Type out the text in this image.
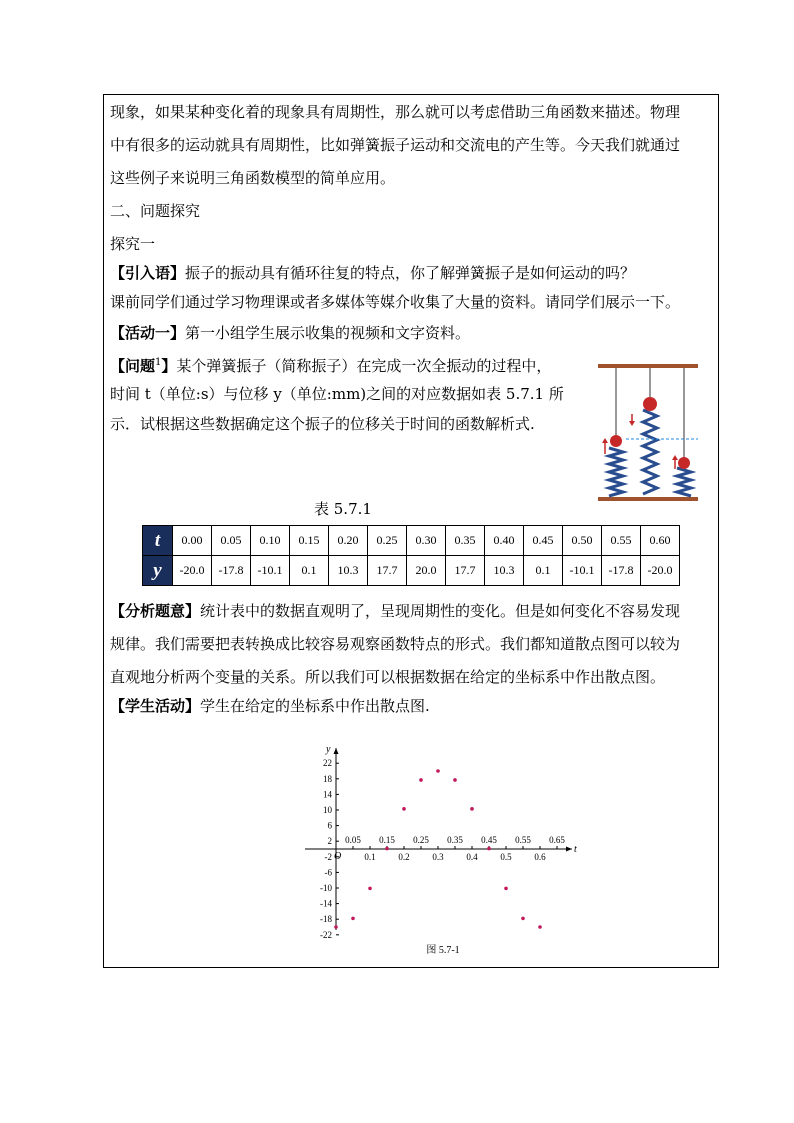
现象，如果某种变化着的现象具有周期性，那么就可以考虑借助三角函数来描述。物理
中有很多的运动就具有周期性，比如弹簧振子运动和交流电的产生等。今天我们就通过
这些例子来说明三角函数模型的简单应用。
二、问题探究
探究一
【引入语】振子的振动具有循环往复的特点，你了解弹簧振子是如何运动的吗？
课前同学们通过学习物理课或者多媒体等媒介收集了大量的资料。请同学们展示一下。
【活动一】第一小组学生展示收集的视频和文字资料。
【问题$^1$】某个弹簧振子（简称振子）在完成一次全振动的过程中，
时间 t（单位:s）与位移 y（单位:mm)之间的对应数据如表 5.7.1 所
示．试根据这些数据确定这个振子的位移关于时间的函数解析式.
表 5.7.1
t	0.00	0.05	0.10	0.15	0.20	0.25	0.30	0.35	0.40	0.45	0.50	0.55	0.60
y	-20.0	-17.8	-10.1	0.1	10.3	17.7	20.0	17.7	10.3	0.1	-10.1	-17.8	-20.0
【分析题意】统计表中的数据直观明了，呈现周期性的变化。但是如何变化不容易发现
规律。我们需要把表转换成比较容易观察函数特点的形式。我们都知道散点图可以较为
直观地分析两个变量的关系。所以我们可以根据数据在给定的坐标系中作出散点图。
【学生活动】学生在给定的坐标系中作出散点图.
t
y
O	0.1	0.2	0.3	0.4	0.5	0.6
0.05 0.15 0.25 0.35 0.45 0.55 0.65
22
18
14
10
6
2
-2
-6
-10
-14
-18
-22
图 5.7-1
